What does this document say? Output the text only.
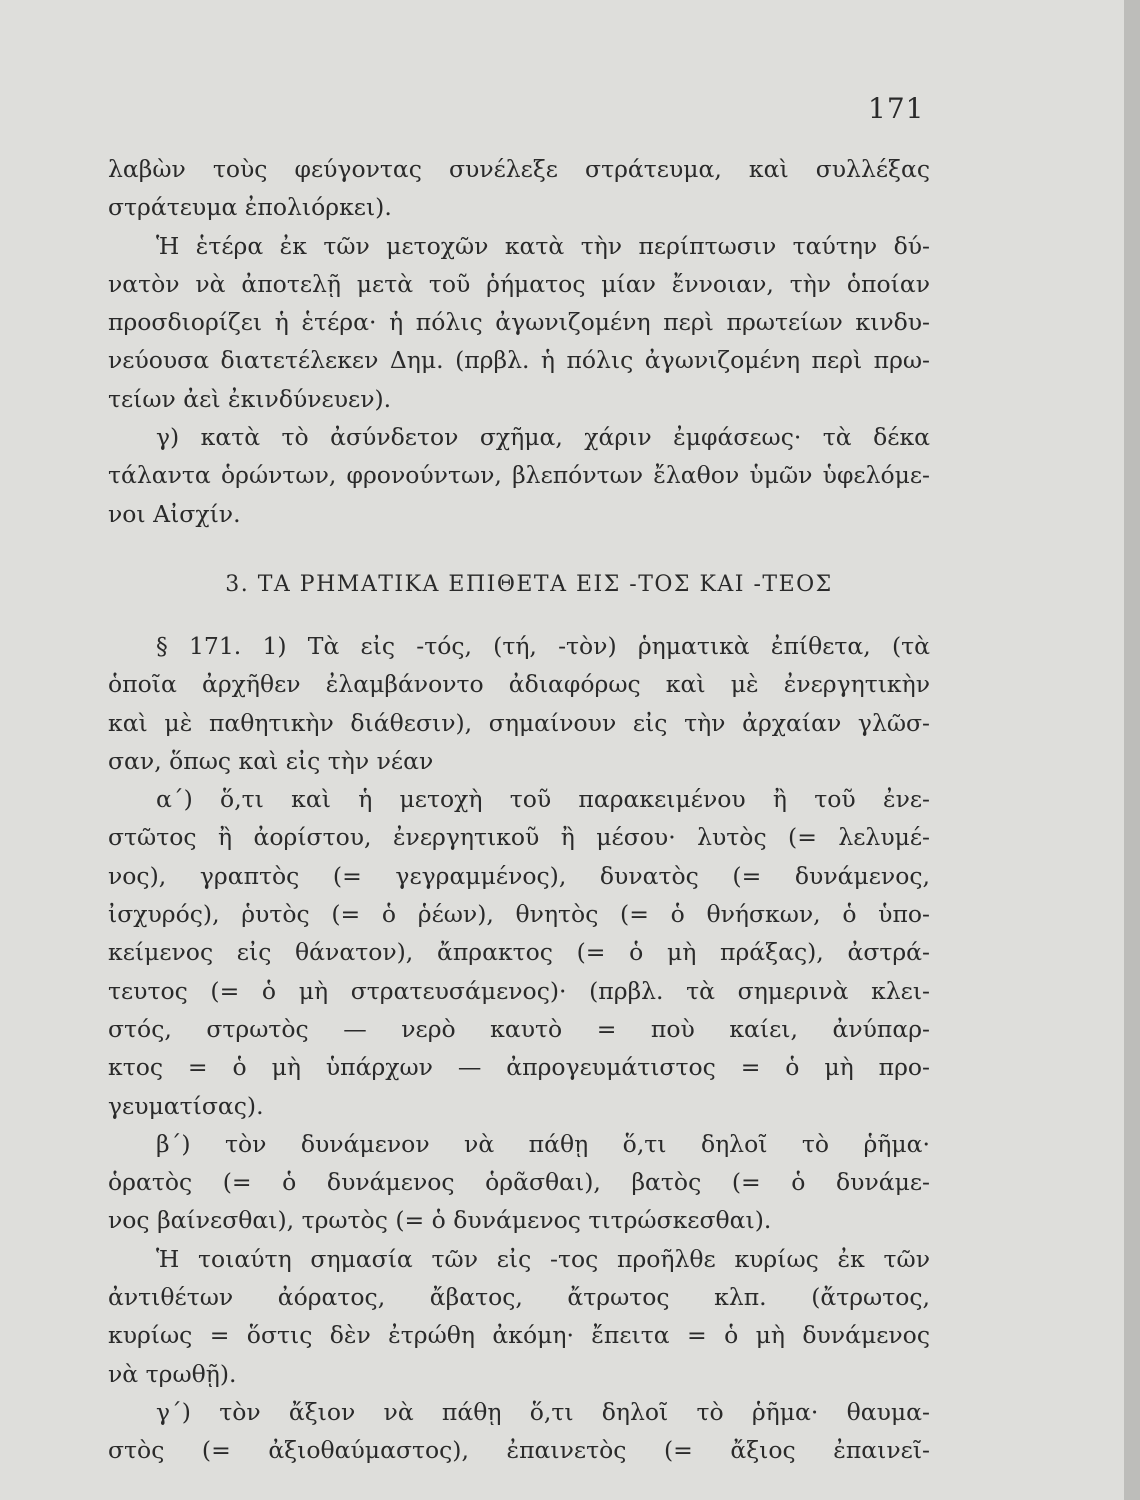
171
λαβὼν τοὺς φεύγοντας συνέλεξε στράτευμα, καὶ συλλέξας
στράτευμα ἐπολιόρκει).
Ἡ ἑτέρα ἐκ τῶν μετοχῶν κατὰ τὴν περίπτωσιν ταύτην δύ-
νατὸν νὰ ἀποτελῇ μετὰ τοῦ ῥήματος μίαν ἔννοιαν, τὴν ὁποίαν
προσδιορίζει ἡ ἑτέρα· ἡ πόλις ἀγωνιζομένη περὶ πρωτείων κινδυ-
νεύουσα διατετέλεκεν Δημ. (πρβλ. ἡ πόλις ἀγωνιζομένη περὶ πρω-
τείων ἀεὶ ἐκινδύνευεν).
γ) κατὰ τὸ ἀσύνδετον σχῆμα, χάριν ἐμφάσεως· τὰ δέκα
τάλαντα ὁρώντων, φρονούντων, βλεπόντων ἔλαθον ὑμῶν ὑφελόμε-
νοι Αἰσχίν.
3. ΤΑ ΡΗΜΑΤΙΚΑ ΕΠΙΘΕΤΑ ΕΙΣ -ΤΟΣ ΚΑΙ -ΤΕΟΣ
§ 171. 1) Τὰ εἰς -τός, (τή, -τὸν) ῥηματικὰ ἐπίθετα, (τὰ
ὁποῖα ἀρχῆθεν ἐλαμβάνοντο ἀδιαφόρως καὶ μὲ ἐνεργητικὴν
καὶ μὲ παθητικὴν διάθεσιν), σημαίνουν εἰς τὴν ἀρχαίαν γλῶσ-
σαν, ὅπως καὶ εἰς τὴν νέαν
α΄) ὅ,τι καὶ ἡ μετοχὴ τοῦ παρακειμένου ἢ τοῦ ἐνε-
στῶτος ἢ ἀορίστου, ἐνεργητικοῦ ἢ μέσου· λυτὸς (= λελυμέ-
νος), γραπτὸς (= γεγραμμένος), δυνατὸς (= δυνάμενος,
ἰσχυρός), ῥυτὸς (= ὁ ῥέων), θνητὸς (= ὁ θνήσκων, ὁ ὑπο-
κείμενος εἰς θάνατον), ἄπρακτος (= ὁ μὴ πράξας), ἀστρά-
τευτος (= ὁ μὴ στρατευσάμενος)· (πρβλ. τὰ σημερινὰ κλει-
στός, στρωτὸς — νερὸ καυτὸ = ποὺ καίει, ἀνύπαρ-
κτος = ὁ μὴ ὑπάρχων — ἀπρογευμάτιστος = ὁ μὴ προ-
γευματίσας).
β΄) τὸν δυνάμενον νὰ πάθῃ ὅ,τι δηλοῖ τὸ ῥῆμα·
ὁρατὸς (= ὁ δυνάμενος ὁρᾶσθαι), βατὸς (= ὁ δυνάμε-
νος βαίνεσθαι), τρωτὸς (= ὁ δυνάμενος τιτρώσκεσθαι).
Ἡ τοιαύτη σημασία τῶν εἰς -τος προῆλθε κυρίως ἐκ τῶν
ἀντιθέτων ἀόρατος, ἄβατος, ἄτρωτος κλπ. (ἄτρωτος,
κυρίως = ὅστις δὲν ἐτρώθη ἀκόμη· ἔπειτα = ὁ μὴ δυνάμενος
νὰ τρωθῇ).
γ΄) τὸν ἄξιον νὰ πάθῃ ὅ,τι δηλοῖ τὸ ῥῆμα· θαυμα-
στὸς (= ἀξιοθαύμαστος), ἐπαινετὸς (= ἄξιος ἐπαινεῖ-
